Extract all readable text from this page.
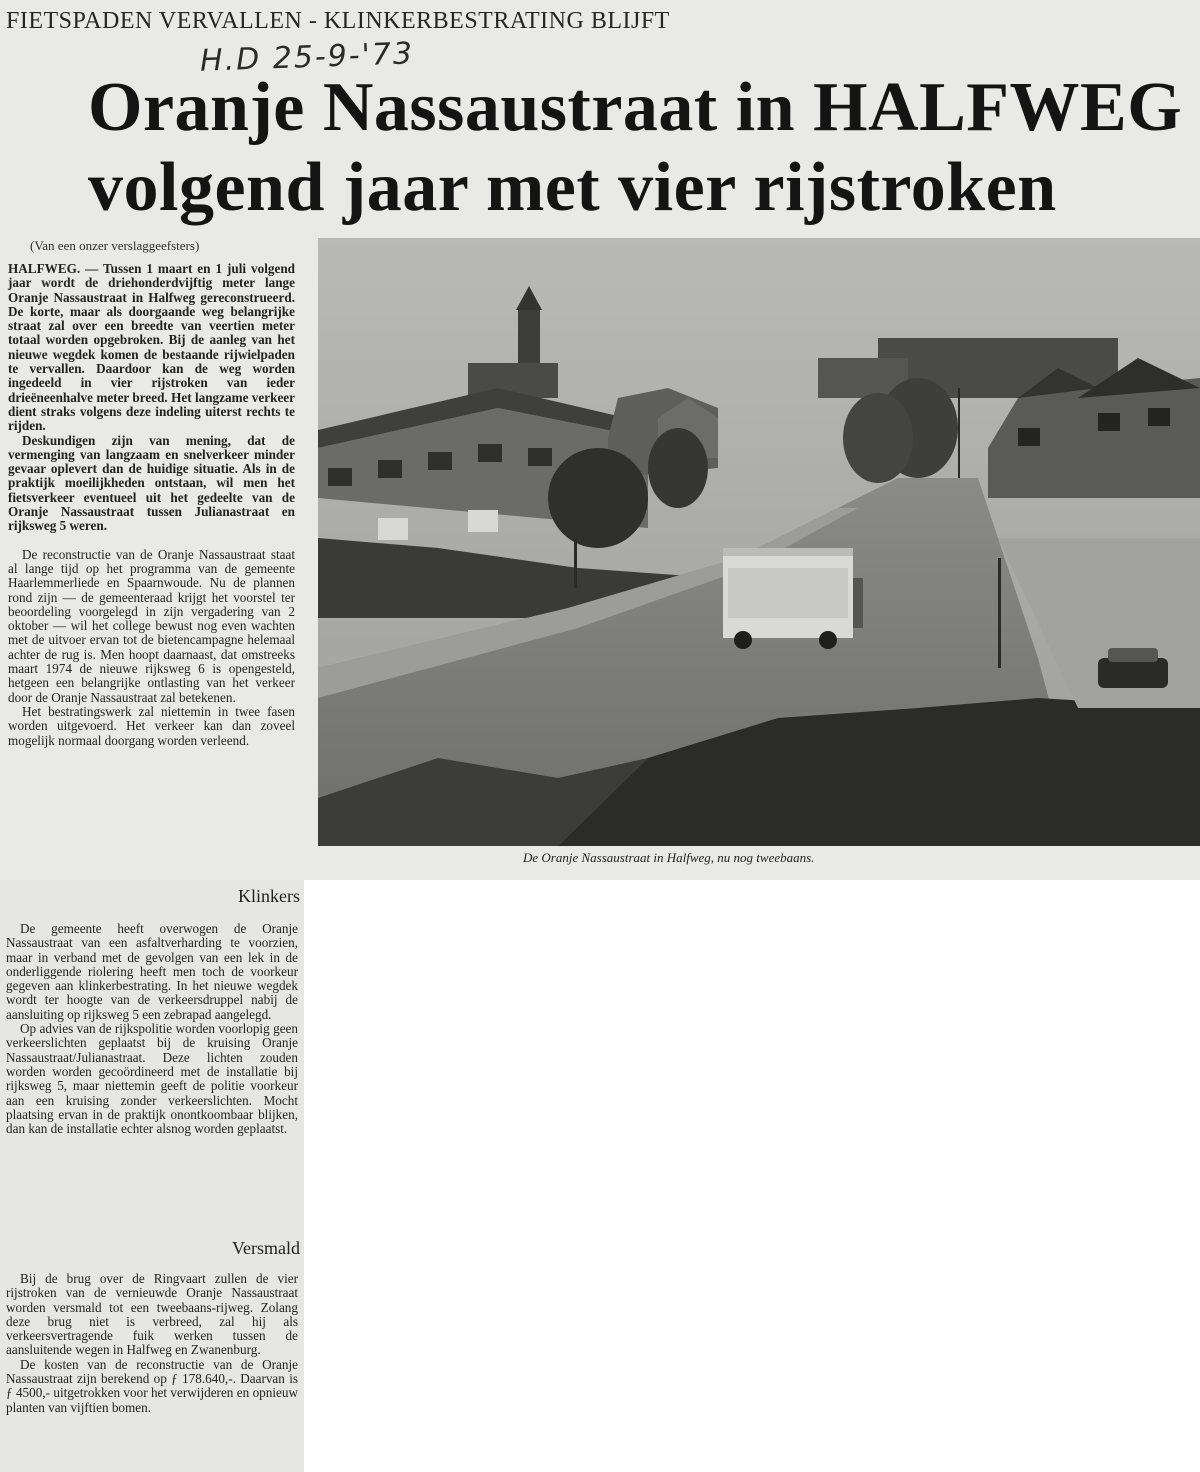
FIETSPADEN VERVALLEN - KLINKERBESTRATING BLIJFT
H.D 25-9-'73
Oranje Nassaustraat in HALFWEG
volgend jaar met vier rijstroken
(Van een onzer verslaggeefsters)

HALFWEG. — Tussen 1 maart en 1 juli volgend jaar wordt de driehonderdvijftig meter lange Oranje Nassaustraat in Halfweg gereconstrueerd. De korte, maar als doorgaande weg belangrijke straat zal over een breedte van veertien meter totaal worden opgebroken. Bij de aanleg van het nieuwe wegdek komen de bestaande rijwielpaden te vervallen. Daardoor kan de weg worden ingedeeld in vier rijstroken van ieder drieëneenhalve meter breed. Het langzame verkeer dient straks volgens deze indeling uiterst rechts te rijden.

Deskundigen zijn van mening, dat de vermenging van langzaam en snelverkeer minder gevaar oplevert dan de huidige situatie. Als in de praktijk moeilijkheden ontstaan, wil men het fietsverkeer eventueel uit het gedeelte van de Oranje Nassaustraat tussen Julianastraat en rijksweg 5 weren.

De reconstructie van de Oranje Nassaustraat staat al lange tijd op het programma van de gemeente Haarlemmerliede en Spaarnwoude. Nu de plannen rond zijn — de gemeenteraad krijgt het voorstel ter beoordeling voorgelegd in zijn vergadering van 2 oktober — wil het college bewust nog even wachten met de uitvoer ervan tot de bietencampagne helemaal achter de rug is. Men hoopt daarnaast, dat omstreeks maart 1974 de nieuwe rijksweg 6 is opengesteld, hetgeen een belangrijke ontlasting van het verkeer door de Oranje Nassaustraat zal betekenen.

Het bestratingswerk zal niettemin in twee fasen worden uitgevoerd. Het verkeer kan dan zoveel mogelijk normaal doorgang worden verleend.

De Oranje Nassaustraat in Halfweg, nu nog tweebaans.
Klinkers

De gemeente heeft overwogen de Oranje Nassaustraat van een asfaltverharding te voorzien, maar in verband met de gevolgen van een lek in de onderliggende riolering heeft men toch de voorkeur gegeven aan klinkerbestrating. In het nieuwe wegdek wordt ter hoogte van de verkeersdruppel nabij de aansluiting op rijksweg 5 een zebrapad aangelegd.

Op advies van de rijkspolitie worden voorlopig geen verkeerslichten geplaatst bij de kruising Oranje Nassaustraat/Julianastraat. Deze lichten zouden worden worden gecoördineerd met de installatie bij rijksweg 5, maar niettemin geeft de politie voorkeur aan een kruising zonder verkeerslichten. Mocht plaatsing ervan in de praktijk onontkoombaar blijken, dan kan de installatie echter alsnog worden geplaatst.

Versmald

Bij de brug over de Ringvaart zullen de vier rijstroken van de vernieuwde Oranje Nassaustraat worden versmald tot een tweebaans-rijweg. Zolang deze brug niet is verbreed, zal hij als verkeersvertragende fuik werken tussen de aansluitende wegen in Halfweg en Zwanenburg.

De kosten van de reconstructie van de Oranje Nassaustraat zijn berekend op ƒ 178.640,-. Daarvan is ƒ 4500,- uitgetrokken voor het verwijderen en opnieuw planten van vijftien bomen.
